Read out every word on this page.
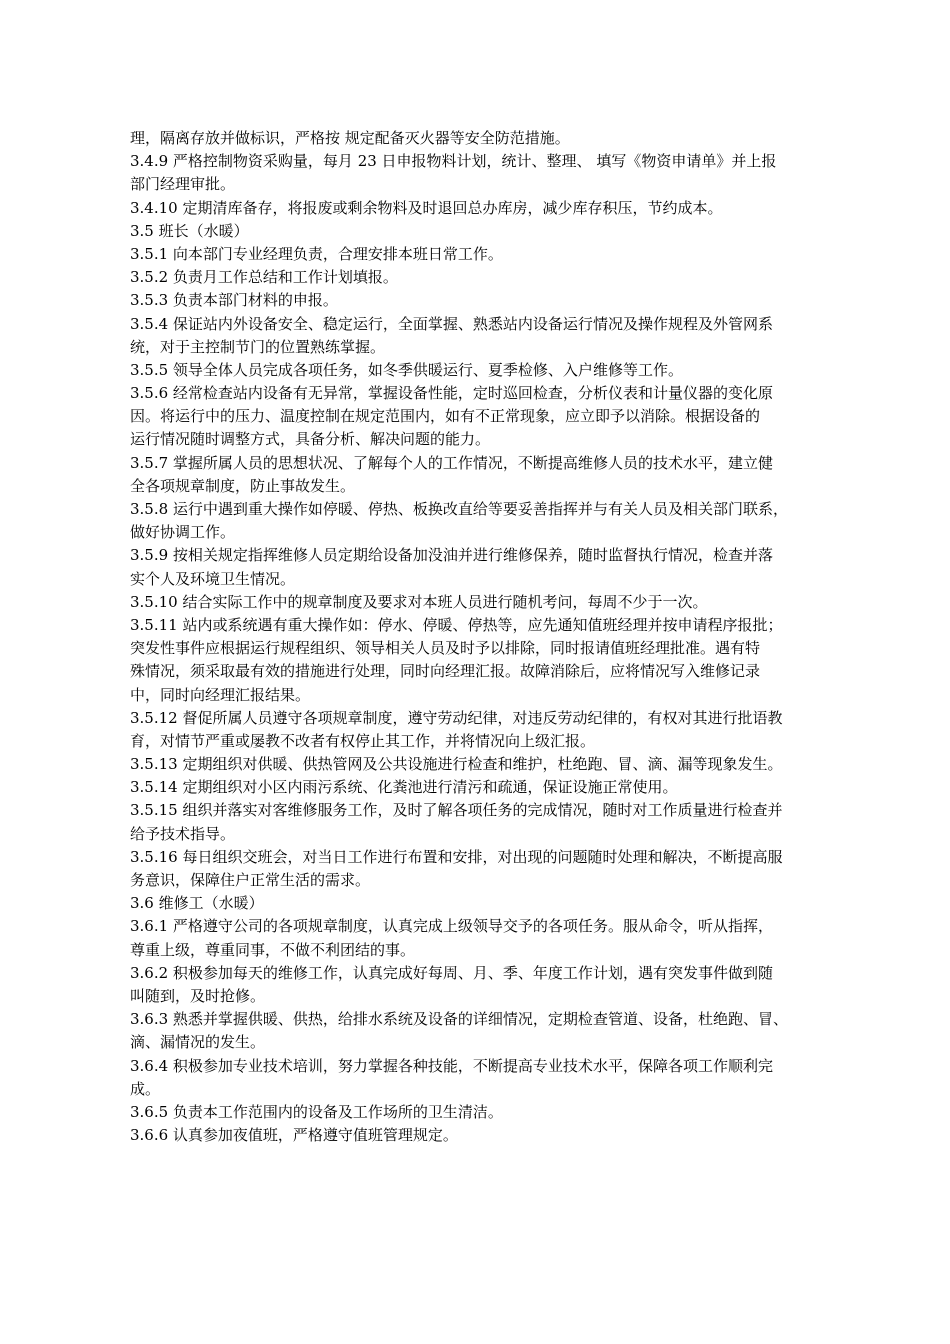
理，隔离存放并做标识，严格按 规定配备灭火器等安全防范措施。
3.4.9 严格控制物资采购量，每月 23 日申报物料计划，统计、整理、 填写《物资申请单》并上报
部门经理审批。
3.4.10 定期清库备存，将报废或剩余物料及时退回总办库房，减少库存积压，节约成本。
3.5 班长（水暖）
3.5.1 向本部门专业经理负责，合理安排本班日常工作。
3.5.2 负责月工作总结和工作计划填报。
3.5.3 负责本部门材料的申报。
3.5.4 保证站内外设备安全、稳定运行，全面掌握、熟悉站内设备运行情况及操作规程及外管网系
统，对于主控制节门的位置熟练掌握。
3.5.5 领导全体人员完成各项任务，如冬季供暖运行、夏季检修、入户维修等工作。
3.5.6 经常检查站内设备有无异常，掌握设备性能，定时巡回检查，分析仪表和计量仪器的变化原
因。将运行中的压力、温度控制在规定范围内，如有不正常现象，应立即予以消除。根据设备的
运行情况随时调整方式，具备分析、解决问题的能力。
3.5.7 掌握所属人员的思想状况、了解每个人的工作情况，不断提高维修人员的技术水平，建立健
全各项规章制度，防止事故发生。
3.5.8 运行中遇到重大操作如停暖、停热、板换改直给等要妥善指挥并与有关人员及相关部门联系，
做好协调工作。
3.5.9 按相关规定指挥维修人员定期给设备加没油并进行维修保养，随时监督执行情况，检查并落
实个人及环境卫生情况。
3.5.10 结合实际工作中的规章制度及要求对本班人员进行随机考问，每周不少于一次。
3.5.11 站内或系统遇有重大操作如：停水、停暖、停热等，应先通知值班经理并按申请程序报批；
突发性事件应根据运行规程组织、领导相关人员及时予以排除，同时报请值班经理批准。遇有特
殊情况，须采取最有效的措施进行处理，同时向经理汇报。故障消除后，应将情况写入维修记录
中，同时向经理汇报结果。
3.5.12 督促所属人员遵守各项规章制度，遵守劳动纪律，对违反劳动纪律的，有权对其进行批语教
育，对情节严重或屡教不改者有权停止其工作，并将情况向上级汇报。
3.5.13 定期组织对供暖、供热管网及公共设施进行检查和维护，杜绝跑、冒、滴、漏等现象发生。
3.5.14 定期组织对小区内雨污系统、化粪池进行清污和疏通，保证设施正常使用。
3.5.15 组织并落实对客维修服务工作，及时了解各项任务的完成情况，随时对工作质量进行检查并
给予技术指导。
3.5.16 每日组织交班会，对当日工作进行布置和安排，对出现的问题随时处理和解决，不断提高服
务意识，保障住户正常生活的需求。
3.6 维修工（水暖）
3.6.1 严格遵守公司的各项规章制度，认真完成上级领导交予的各项任务。服从命令，听从指挥，
尊重上级，尊重同事，不做不利团结的事。
3.6.2 积极参加每天的维修工作，认真完成好每周、月、季、年度工作计划，遇有突发事件做到随
叫随到，及时抢修。
3.6.3 熟悉并掌握供暖、供热，给排水系统及设备的详细情况，定期检查管道、设备，杜绝跑、冒、
滴、漏情况的发生。
3.6.4 积极参加专业技术培训，努力掌握各种技能，不断提高专业技术水平，保障各项工作顺利完
成。
3.6.5 负责本工作范围内的设备及工作场所的卫生清洁。
3.6.6 认真参加夜值班，严格遵守值班管理规定。
